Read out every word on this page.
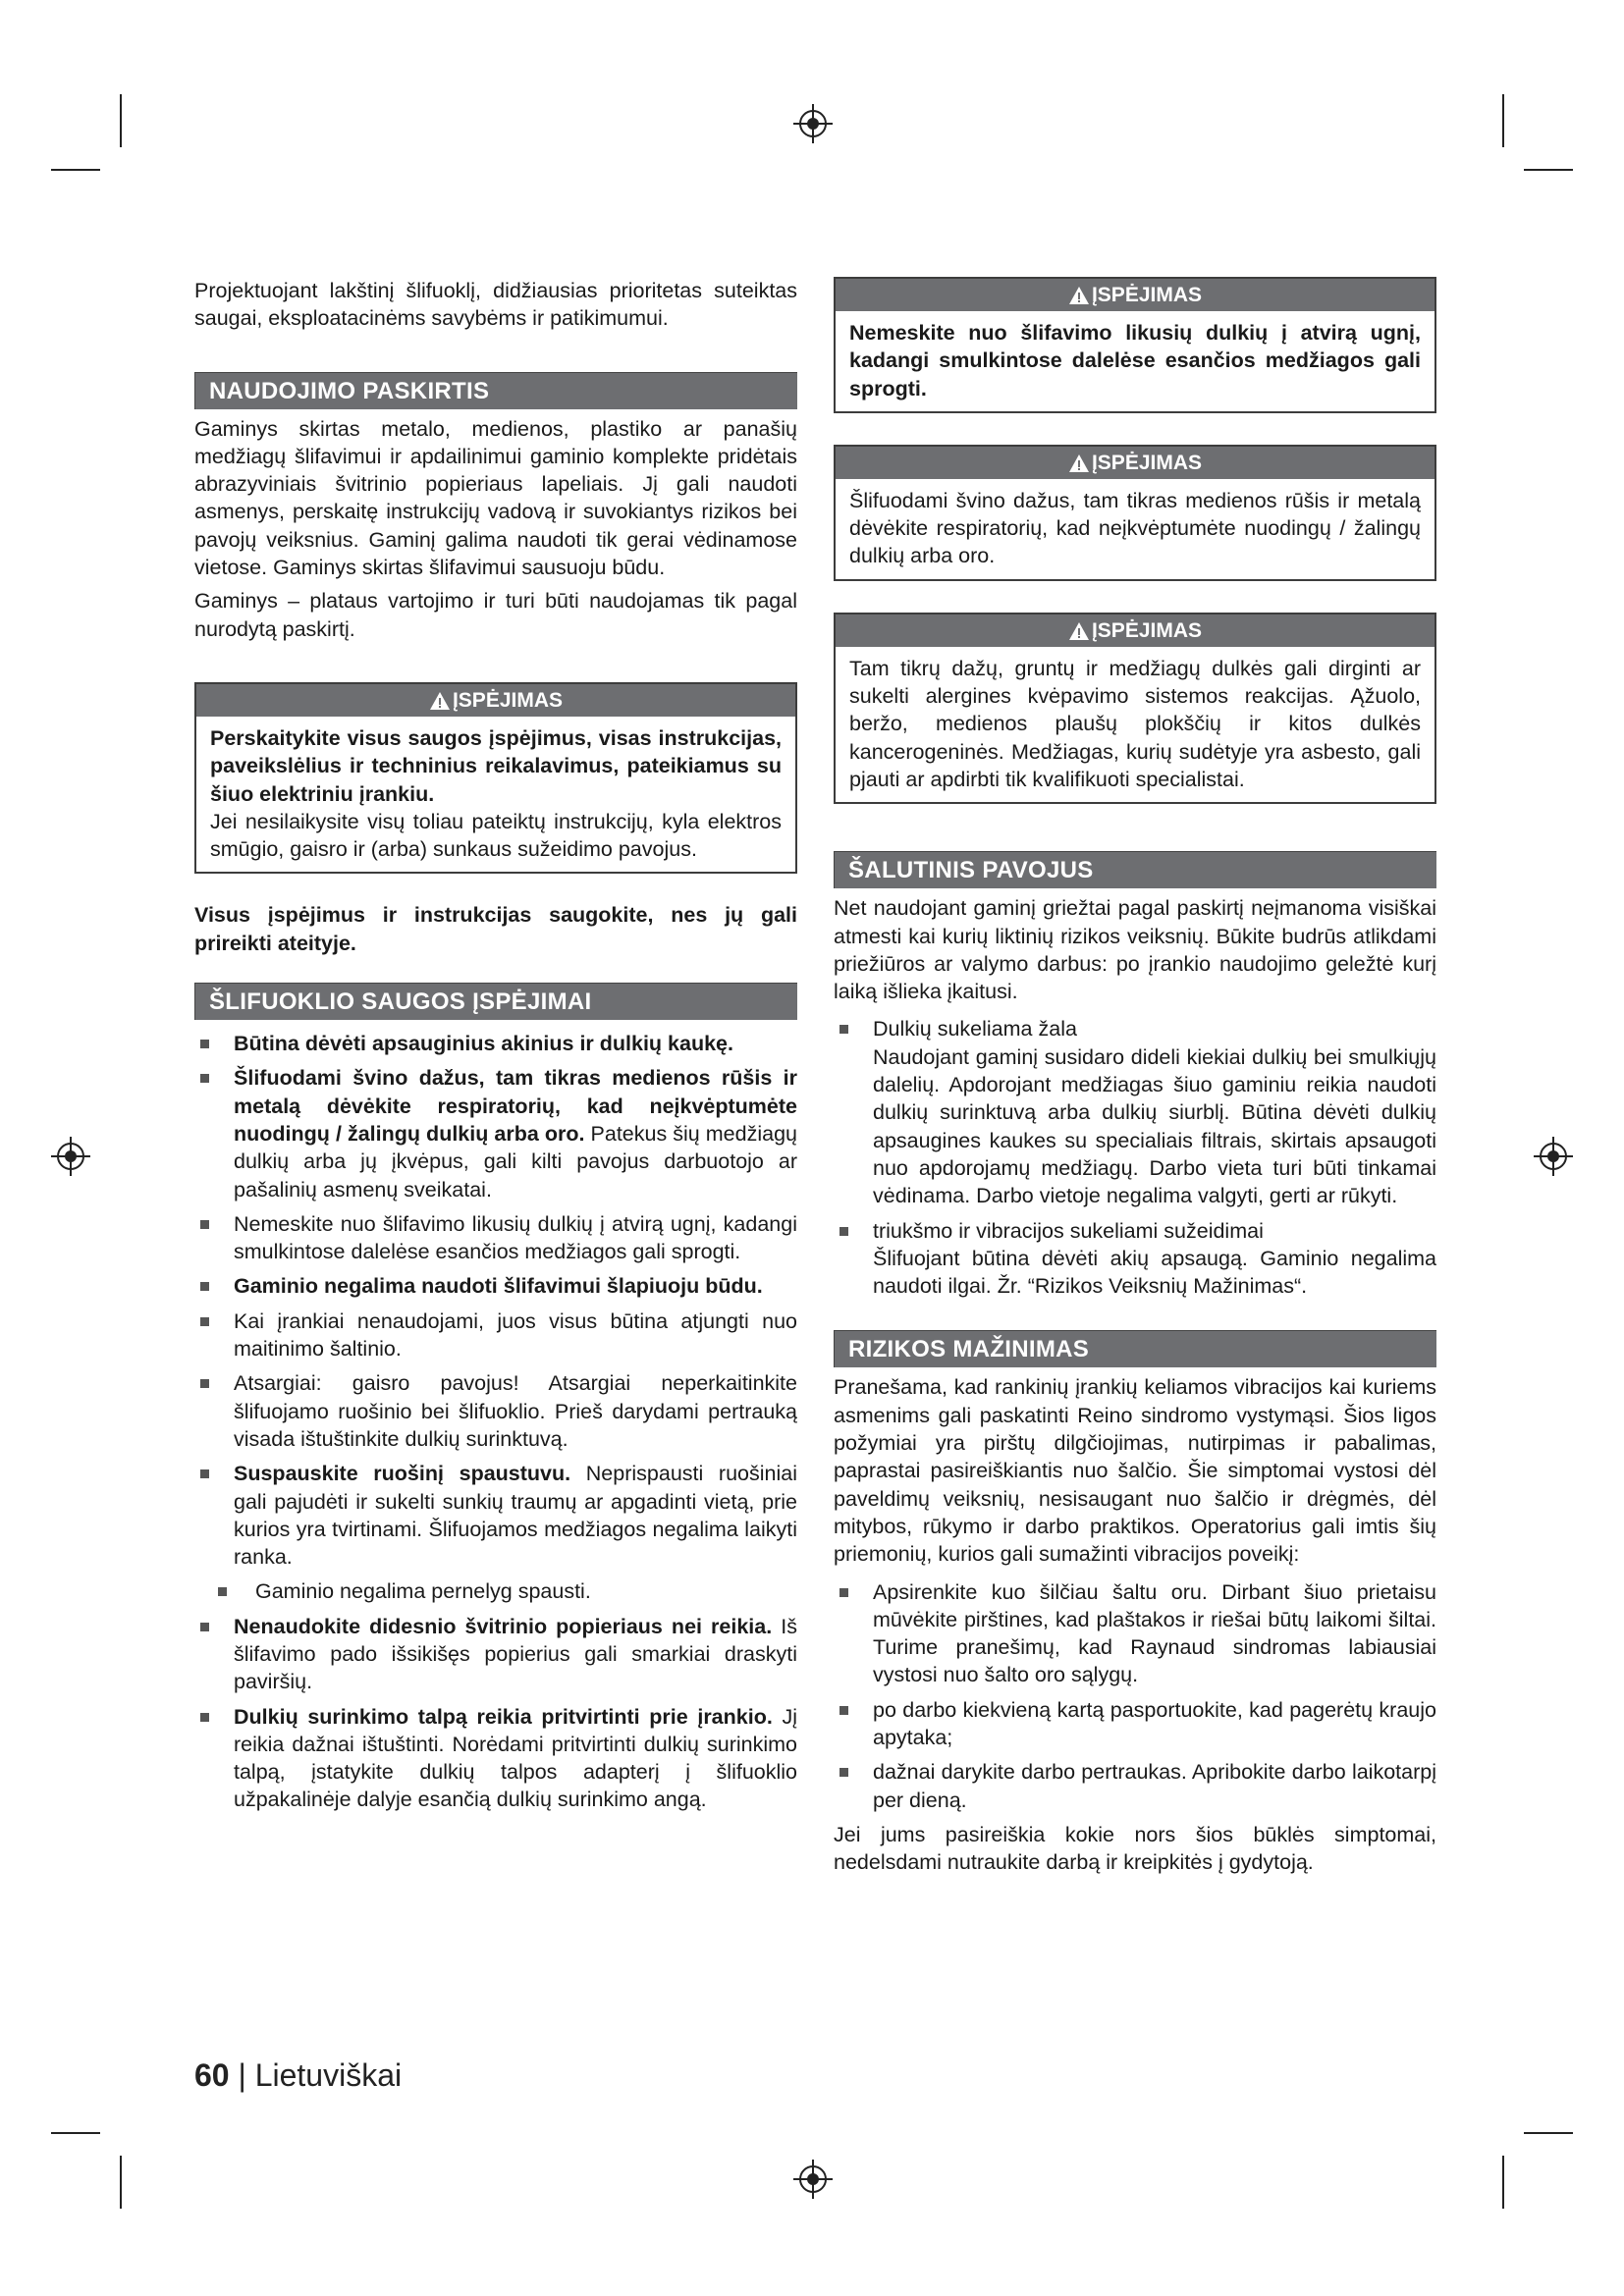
Projektuojant lakštinį šlifuoklį, didžiausias prioritetas suteiktas saugai, eksploatacinėms savybėms ir patikimumui.

NAUDOJIMO PASKIRTIS

Gaminys skirtas metalo, medienos, plastiko ar panašių medžiagų šlifavimui ir apdailinimui gaminio komplekte pridėtais abrazyviniais švitrinio popieriaus lapeliais. Jį gali naudoti asmenys, perskaitę instrukcijų vadovą ir suvokiantys rizikos bei pavojų veiksnius. Gaminį galima naudoti tik gerai vėdinamose vietose. Gaminys skirtas šlifavimui sausuoju būdu.

Gaminys – plataus vartojimo ir turi būti naudojamas tik pagal nurodytą paskirtį.

ĮSPĖJIMAS

Perskaitykite visus saugos įspėjimus, visas instrukcijas, paveikslėlius ir techninius reikalavimus, pateikiamus su šiuo elektriniu įrankiu.

Jei nesilaikysite visų toliau pateiktų instrukcijų, kyla elektros smūgio, gaisro ir (arba) sunkaus sužeidimo pavojus.

Visus įspėjimus ir instrukcijas saugokite, nes jų gali prireikti ateityje.

ŠLIFUOKLIO SAUGOS ĮSPĖJIMAI

Būtina dėvėti apsauginius akinius ir dulkių kaukę.

Šlifuodami švino dažus, tam tikras medienos rūšis ir metalą dėvėkite respiratorių, kad neįkvėptumėte nuodingų / žalingų dulkių arba oro. Patekus šių medžiagų dulkių arba jų įkvėpus, gali kilti pavojus darbuotojo ar pašalinių asmenų sveikatai.

Nemeskite nuo šlifavimo likusių dulkių į atvirą ugnį, kadangi smulkintose dalelėse esančios medžiagos gali sprogti.

Gaminio negalima naudoti šlifavimui šlapiuoju būdu.

Kai įrankiai nenaudojami, juos visus būtina atjungti nuo maitinimo šaltinio.

Atsargiai: gaisro pavojus! Atsargiai neperkaitinkite šlifuojamo ruošinio bei šlifuoklio. Prieš darydami pertrauką visada ištuštinkite dulkių surinktuvą.

Suspauskite ruošinį spaustuvu. Neprispausti ruošiniai gali pajudėti ir sukelti sunkių traumų ar apgadinti vietą, prie kurios yra tvirtinami. Šlifuojamos medžiagos negalima laikyti ranka.

Gaminio negalima pernelyg spausti.

Nenaudokite didesnio švitrinio popieriaus nei reikia. Iš šlifavimo pado išsikišęs popierius gali smarkiai draskyti paviršių.

Dulkių surinkimo talpą reikia pritvirtinti prie įrankio. Jį reikia dažnai ištuštinti. Norėdami pritvirtinti dulkių surinkimo talpą, įstatykite dulkių talpos adapterį į šlifuoklio užpakalinėje dalyje esančią dulkių surinkimo angą.

ĮSPĖJIMAS

Nemeskite nuo šlifavimo likusių dulkių į atvirą ugnį, kadangi smulkintose dalelėse esančios medžiagos gali sprogti.

ĮSPĖJIMAS

Šlifuodami švino dažus, tam tikras medienos rūšis ir metalą dėvėkite respiratorių, kad neįkvėptumėte nuodingų / žalingų dulkių arba oro.

ĮSPĖJIMAS

Tam tikrų dažų, gruntų ir medžiagų dulkės gali dirginti ar sukelti alergines kvėpavimo sistemos reakcijas. Ąžuolo, beržo, medienos plaušų plokščių ir kitos dulkės kancerogeninės. Medžiagas, kurių sudėtyje yra asbesto, gali pjauti ar apdirbti tik kvalifikuoti specialistai.

ŠALUTINIS PAVOJUS

Net naudojant gaminį griežtai pagal paskirtį neįmanoma visiškai atmesti kai kurių liktinių rizikos veiksnių. Būkite budrūs atlikdami priežiūros ar valymo darbus: po įrankio naudojimo geležtė kurį laiką išlieka įkaitusi.

Dulkių sukeliama žala

Naudojant gaminį susidaro dideli kiekiai dulkių bei smulkiųjų dalelių. Apdorojant medžiagas šiuo gaminiu reikia naudoti dulkių surinktuvą arba dulkių siurblį. Būtina dėvėti dulkių apsaugines kaukes su specialiais filtrais, skirtais apsaugoti nuo apdorojamų medžiagų. Darbo vieta turi būti tinkamai vėdinama. Darbo vietoje negalima valgyti, gerti ar rūkyti.

triukšmo ir vibracijos sukeliami sužeidimai

Šlifuojant būtina dėvėti akių apsaugą. Gaminio negalima naudoti ilgai. Žr. “Rizikos Veiksnių Mažinimas“.

RIZIKOS MAŽINIMAS

Pranešama, kad rankinių įrankių keliamos vibracijos kai kuriems asmenims gali paskatinti Reino sindromo vystymąsi. Šios ligos požymiai yra pirštų dilgčiojimas, nutirpimas ir pabalimas, paprastai pasireiškiantis nuo šalčio. Šie simptomai vystosi dėl paveldimų veiksnių, nesisaugant nuo šalčio ir drėgmės, dėl mitybos, rūkymo ir darbo praktikos. Operatorius gali imtis šių priemonių, kurios gali sumažinti vibracijos poveikį:

Apsirenkite kuo šilčiau šaltu oru. Dirbant šiuo prietaisu mūvėkite pirštines, kad plaštakos ir riešai būtų laikomi šiltai. Turime pranešimų, kad Raynaud sindromas labiausiai vystosi nuo šalto oro sąlygų.

po darbo kiekvieną kartą pasportuokite, kad pagerėtų kraujo apytaka;

dažnai darykite darbo pertraukas. Apribokite darbo laikotarpį per dieną.

Jei jums pasireiškia kokie nors šios būklės simptomai, nedelsdami nutraukite darbą ir kreipkitės į gydytoją.

60 | Lietuviškai
